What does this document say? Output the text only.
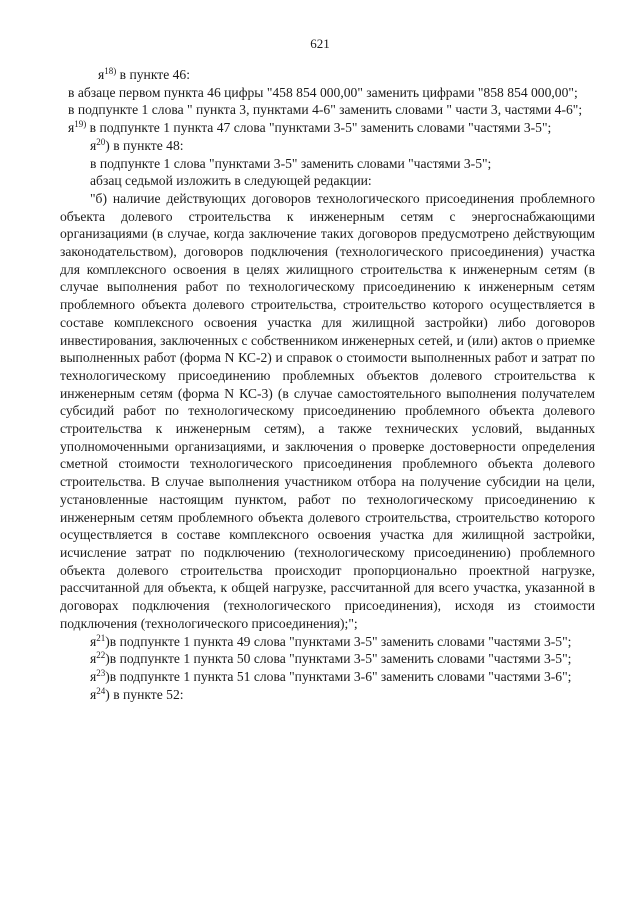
621

$я^{18)}$ в пункте 46:

в абзаце первом пункта 46 цифры "458 854 000,00" заменить цифрами "858 854 000,00";

в подпункте 1 слова " пункта 3, пунктами 4-6" заменить словами " части 3, частями 4-6";

$я^{19)}$ в подпункте 1 пункта 47 слова "пунктами 3-5" заменить словами "частями 3-5";

$я^{20}$) в пункте 48:

в подпункте 1 слова "пунктами 3-5" заменить словами "частями 3-5";

абзац седьмой изложить в следующей редакции:

"б) наличие действующих договоров технологического присоединения проблемного объекта долевого строительства к инженерным сетям с энергоснабжающими организациями (в случае, когда заключение таких договоров предусмотрено действующим законодательством), договоров подключения (технологического присоединения) участка для комплексного освоения в целях жилищного строительства к инженерным сетям (в случае выполнения работ по технологическому присоединению к инженерным сетям проблемного объекта долевого строительства, строительство которого осуществляется в составе комплексного освоения участка для жилищной застройки) либо договоров инвестирования, заключенных с собственником инженерных сетей, и (или) актов о приемке выполненных работ (форма N КС-2) и справок о стоимости выполненных работ и затрат по технологическому присоединению проблемных объектов долевого строительства к инженерным сетям (форма N КС-3) (в случае самостоятельного выполнения получателем субсидий работ по технологическому присоединению проблемного объекта долевого строительства к инженерным сетям), а также технических условий, выданных уполномоченными организациями, и заключения о проверке достоверности определения сметной стоимости технологического присоединения проблемного объекта долевого строительства. В случае выполнения участником отбора на получение субсидии на цели, установленные настоящим пунктом, работ по технологическому присоединению к инженерным сетям проблемного объекта долевого строительства, строительство которого осуществляется в составе комплексного освоения участка для жилищной застройки, исчисление затрат по подключению (технологическому присоединению) проблемного объекта долевого строительства происходит пропорционально проектной нагрузке, рассчитанной для объекта, к общей нагрузке, рассчитанной для всего участка, указанной в договорах подключения (технологического присоединения), исходя из стоимости подключения (технологического присоединения);";

$я^{21})в$ подпункте 1 пункта 49 слова "пунктами 3-5" заменить словами "частями 3-5";

$я^{22})в$ подпункте 1 пункта 50 слова "пунктами 3-5" заменить словами "частями 3-5";

$я^{23})в$ подпункте 1 пункта 51 слова "пунктами 3-6" заменить словами "частями 3-6";

$я^{24}$) в пункте 52:
